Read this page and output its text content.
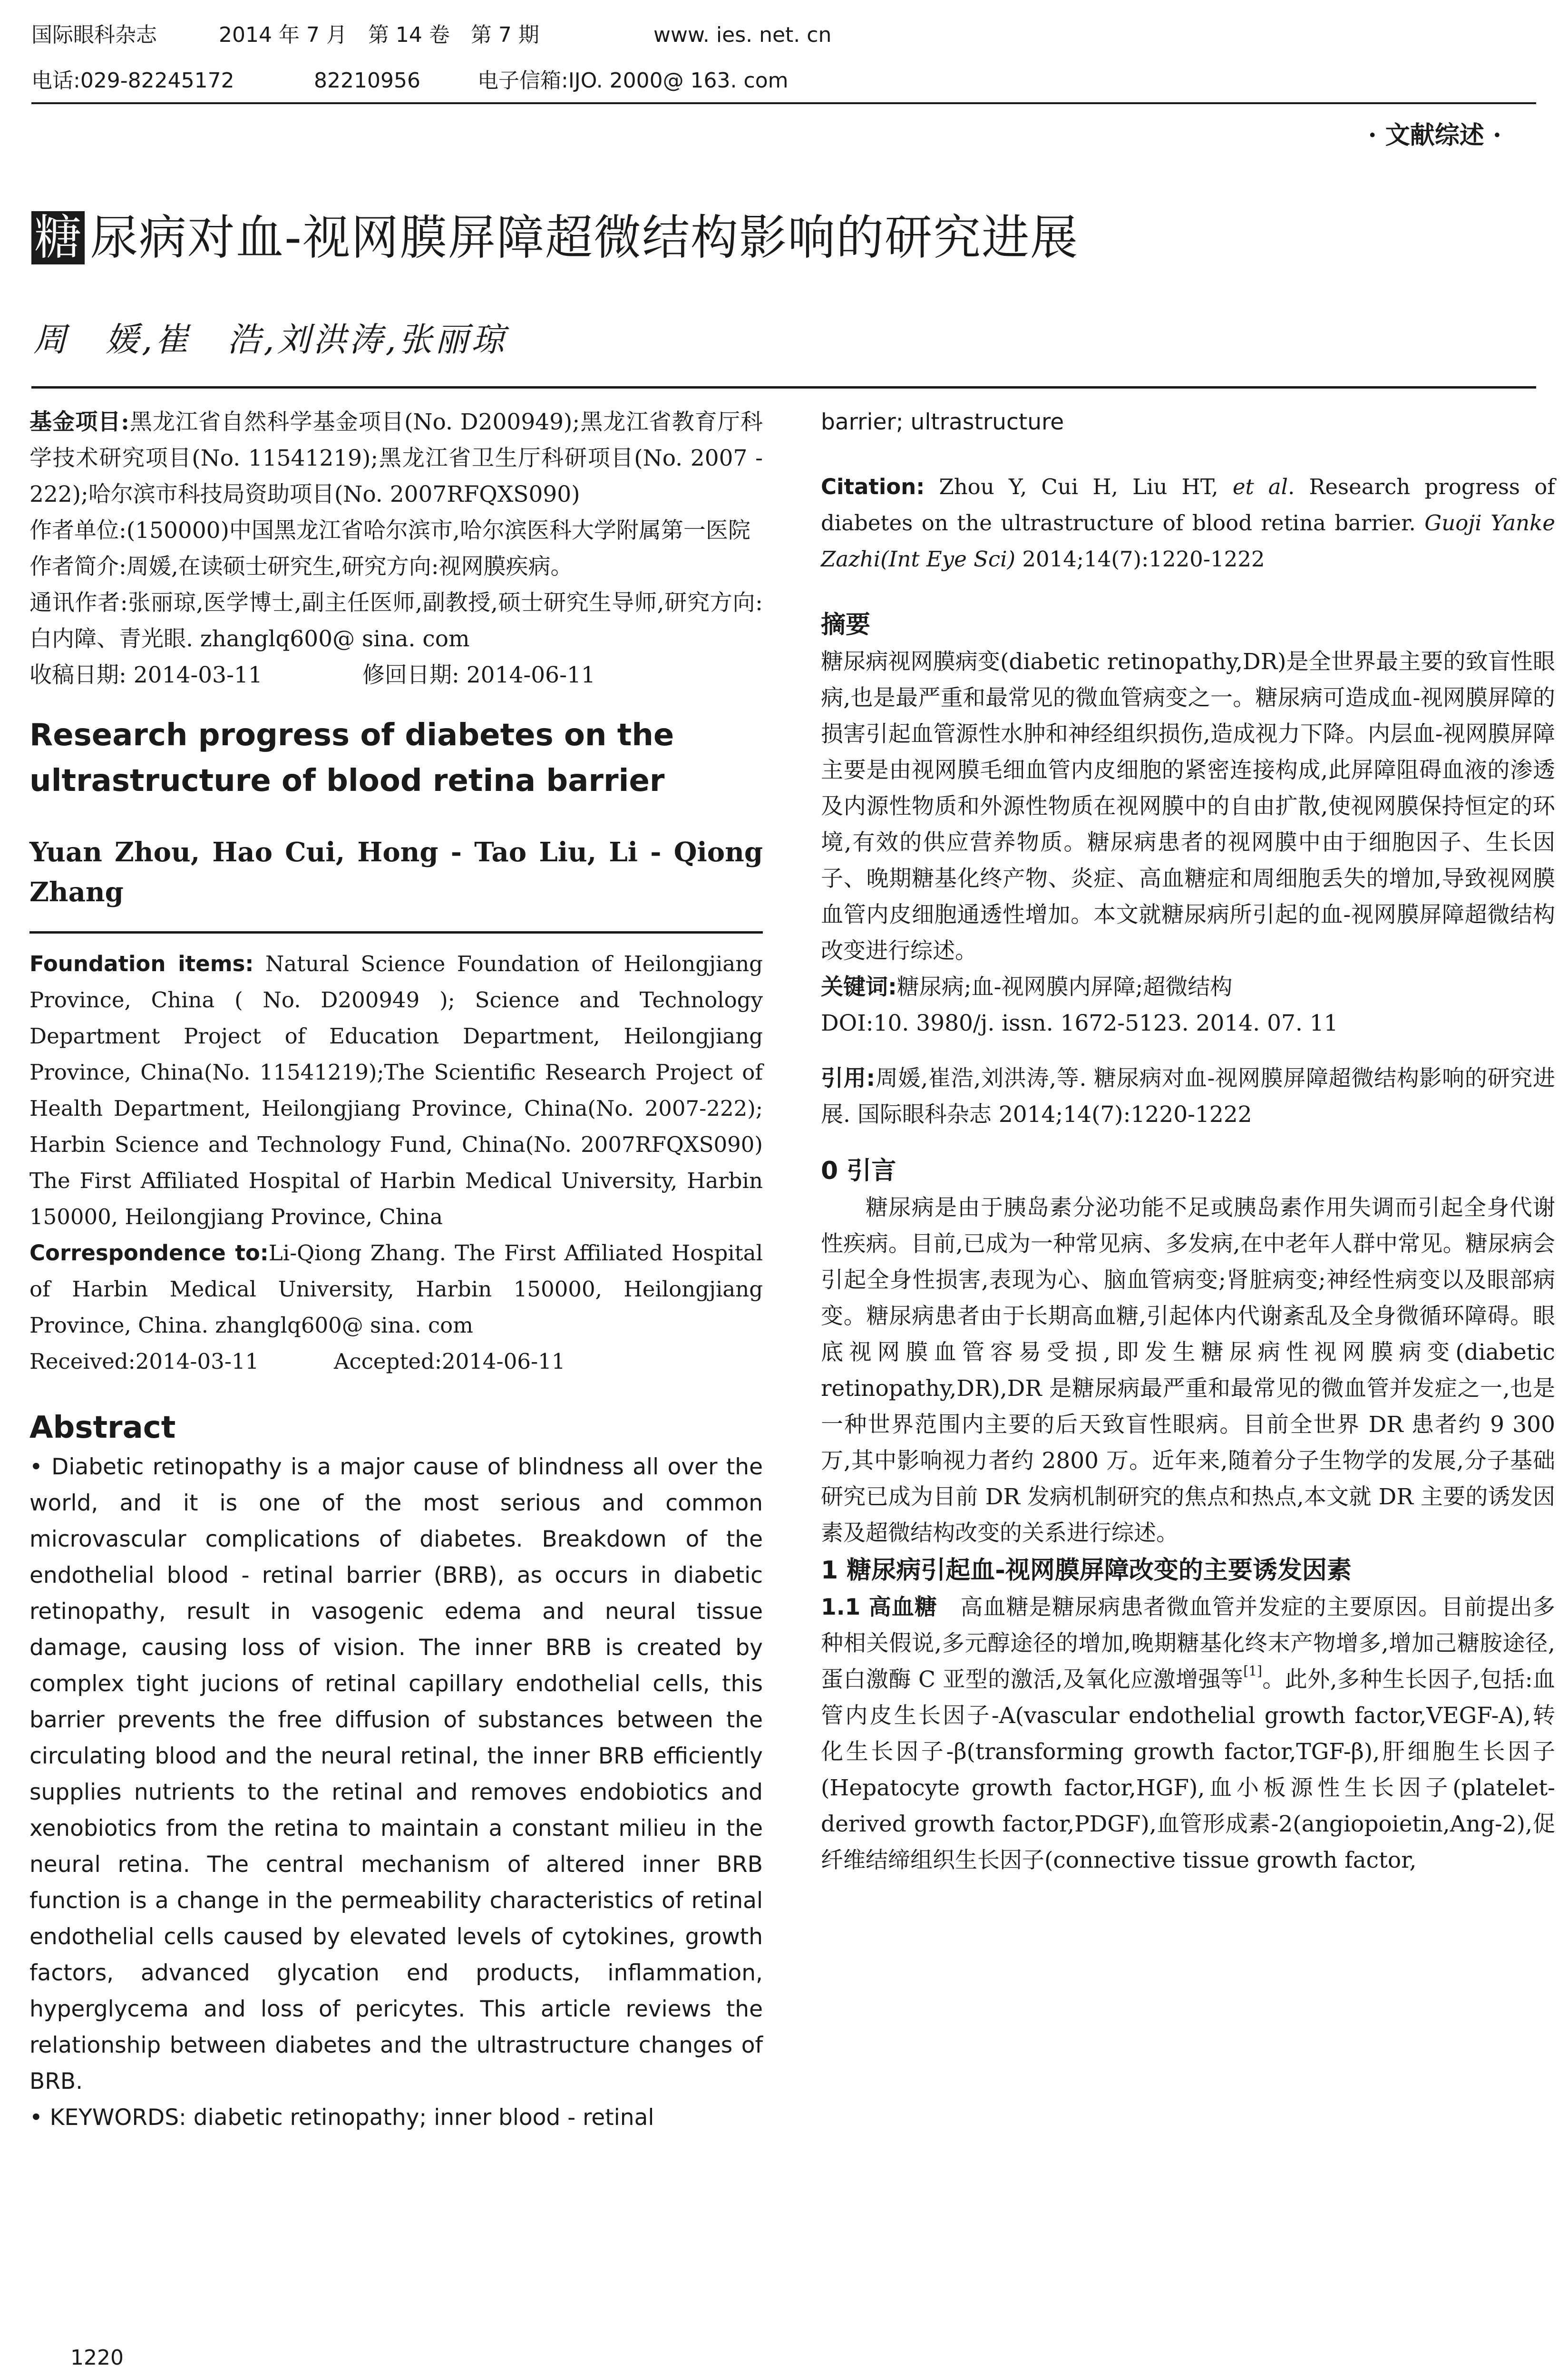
国际眼科杂志	2014 年 7 月　第 14 卷　第 7 期	www. ies. net. cn
电话:029-82245172	82210956	电子信箱:IJO. 2000@ 163. com
· 文献综述 ·
糖 尿病对血-视网膜屏障超微结构影响的研究进展
周　媛,崔　浩,刘洪涛,张丽琼
基金项目:黑龙江省自然科学基金项目(No. D200949);黑龙江省教育厅科学技术研究项目(No. 11541219);黑龙江省卫生厅科研项目(No. 2007 - 222);哈尔滨市科技局资助项目(No. 2007RFQXS090)
作者单位:(150000)中国黑龙江省哈尔滨市,哈尔滨医科大学附属第一医院
作者简介:周媛,在读硕士研究生,研究方向:视网膜疾病。
通讯作者:张丽琼,医学博士,副主任医师,副教授,硕士研究生导师,研究方向:白内障、青光眼. zhanglq600@ sina. com
收稿日期: 2014-03-11	修回日期: 2014-06-11
Research progress of diabetes on the ultrastructure of blood retina barrier
Yuan Zhou, Hao Cui, Hong - Tao Liu, Li - Qiong Zhang
Foundation items: Natural Science Foundation of Heilongjiang Province, China ( No. D200949 ); Science and Technology Department Project of Education Department, Heilongjiang Province, China(No. 11541219);The Scientific Research Project of Health Department, Heilongjiang Province, China(No. 2007-222); Harbin Science and Technology Fund, China(No. 2007RFQXS090) The First Affiliated Hospital of Harbin Medical University, Harbin 150000, Heilongjiang Province, China
Correspondence to:Li-Qiong Zhang. The First Affiliated Hospital of Harbin Medical University, Harbin 150000, Heilongjiang Province, China. zhanglq600@ sina. com
Received:2014-03-11	Accepted:2014-06-11
Abstract
• Diabetic retinopathy is a major cause of blindness all over the world, and it is one of the most serious and common microvascular complications of diabetes. Breakdown of the endothelial blood - retinal barrier (BRB), as occurs in diabetic retinopathy, result in vasogenic edema and neural tissue damage, causing loss of vision. The inner BRB is created by complex tight jucions of retinal capillary endothelial cells, this barrier prevents the free diffusion of substances between the circulating blood and the neural retinal, the inner BRB efficiently supplies nutrients to the retinal and removes endobiotics and xenobiotics from the retina to maintain a constant milieu in the neural retina. The central mechanism of altered inner BRB function is a change in the permeability characteristics of retinal endothelial cells caused by elevated levels of cytokines, growth factors, advanced glycation end products, inflammation, hyperglycema and loss of pericytes. This article reviews the relationship between diabetes and the ultrastructure changes of BRB.
• KEYWORDS: diabetic retinopathy; inner blood - retinal
barrier; ultrastructure
Citation: Zhou Y, Cui H, Liu HT, et al. Research progress of diabetes on the ultrastructure of blood retina barrier. Guoji Yanke Zazhi(Int Eye Sci) 2014;14(7):1220-1222
摘要
糖尿病视网膜病变(diabetic retinopathy,DR)是全世界最主要的致盲性眼病,也是最严重和最常见的微血管病变之一。糖尿病可造成血-视网膜屏障的损害引起血管源性水肿和神经组织损伤,造成视力下降。内层血-视网膜屏障主要是由视网膜毛细血管内皮细胞的紧密连接构成,此屏障阻碍血液的渗透及内源性物质和外源性物质在视网膜中的自由扩散,使视网膜保持恒定的环境,有效的供应营养物质。糖尿病患者的视网膜中由于细胞因子、生长因子、晚期糖基化终产物、炎症、高血糖症和周细胞丢失的增加,导致视网膜血管内皮细胞通透性增加。本文就糖尿病所引起的血-视网膜屏障超微结构改变进行综述。
关键词:糖尿病;血-视网膜内屏障;超微结构
DOI:10. 3980/j. issn. 1672-5123. 2014. 07. 11
引用:周媛,崔浩,刘洪涛,等. 糖尿病对血-视网膜屏障超微结构影响的研究进展. 国际眼科杂志 2014;14(7):1220-1222
0 引言
糖尿病是由于胰岛素分泌功能不足或胰岛素作用失调而引起全身代谢性疾病。目前,已成为一种常见病、多发病,在中老年人群中常见。糖尿病会引起全身性损害,表现为心、脑血管病变;肾脏病变;神经性病变以及眼部病变。糖尿病患者由于长期高血糖,引起体内代谢紊乱及全身微循环障碍。眼底视网膜血管容易受损,即发生糖尿病性视网膜病变(diabetic retinopathy,DR),DR 是糖尿病最严重和最常见的微血管并发症之一,也是一种世界范围内主要的后天致盲性眼病。目前全世界 DR 患者约 9 300 万,其中影响视力者约 2800 万。近年来,随着分子生物学的发展,分子基础研究已成为目前 DR 发病机制研究的焦点和热点,本文就 DR 主要的诱发因素及超微结构改变的关系进行综述。
1 糖尿病引起血-视网膜屏障改变的主要诱发因素
1.1 高血糖　高血糖是糖尿病患者微血管并发症的主要原因。目前提出多种相关假说,多元醇途径的增加,晚期糖基化终末产物增多,增加己糖胺途径,蛋白激酶 C 亚型的激活,及氧化应激增强等[1]。此外,多种生长因子,包括:血管内皮生长因子-A(vascular endothelial growth factor,VEGF-A),转化生长因子-β(transforming growth factor,TGF-β),肝细胞生长因子(Hepatocyte growth factor,HGF),血小板源性生长因子(platelet-derived growth factor,PDGF),血管形成素-2(angiopoietin,Ang-2),促纤维结缔组织生长因子(connective tissue growth factor,
1220
